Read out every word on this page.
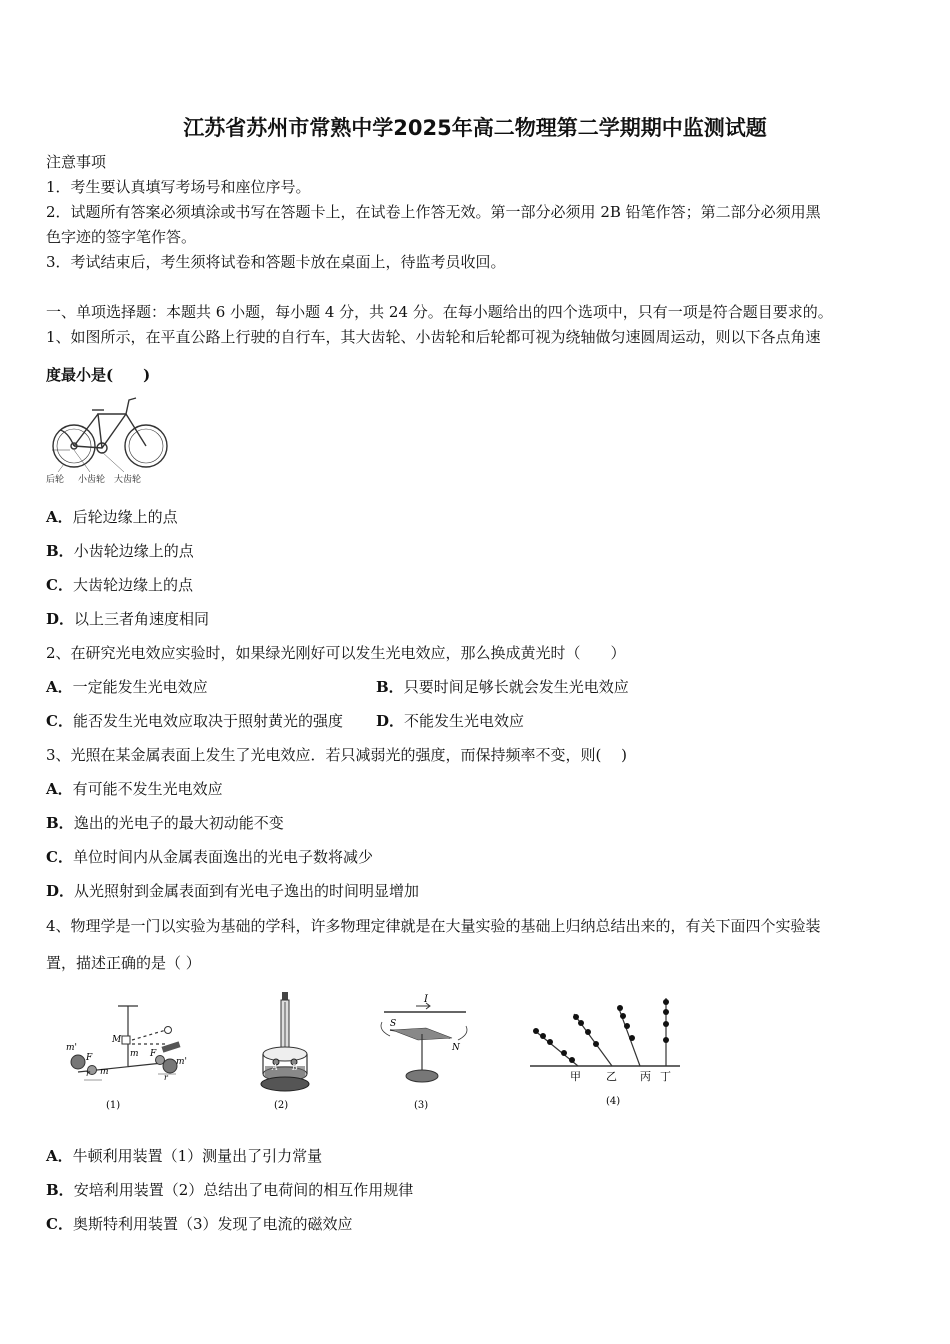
江苏省苏州市常熟中学2025年高二物理第二学期期中监测试题
注意事项
1．考生要认真填写考场号和座位序号。
2．试题所有答案必须填涂或书写在答题卡上，在试卷上作答无效。第一部分必须用 2B 铅笔作答；第二部分必须用黑
色字迹的签字笔作答。
3．考试结束后，考生须将试卷和答题卡放在桌面上，待监考员收回。
一、单项选择题：本题共 6 小题，每小题 4 分，共 24 分。在每小题给出的四个选项中，只有一项是符合题目要求的。
1、如图所示，在平直公路上行驶的自行车，其大齿轮、小齿轮和后轮都可视为绕轴做匀速圆周运动，则以下各点角速
度最小是(　　)
后轮 小齿轮 大齿轮
A．后轮边缘上的点
B．小齿轮边缘上的点
C．大齿轮边缘上的点
D．以上三者角速度相同
2、在研究光电效应实验时，如果绿光刚好可以发生光电效应，那么换成黄光时（　　）
A．一定能发生光电效应	B．只要时间足够长就会发生光电效应
C．能否发生光电效应取决于照射黄光的强度 D．不能发生光电效应
3、光照在某金属表面上发生了光电效应．若只减弱光的强度，而保持频率不变，则(　 )
A．有可能不发生光电效应
B．逸出的光电子的最大初动能不变
C．单位时间内从金属表面逸出的光电子数将减少
D．从光照射到金属表面到有光电子逸出的时间明显增加
4、物理学是一门以实验为基础的学科，许多物理定律就是在大量实验的基础上归纳总结出来的，有关下面四个实验装
置，描述正确的是（ ）
m'
M
m
m
m'
F	F
r	r
(1)
A B
(2)
I
S
N
(3)
甲 乙 丙 丁
(4)
A．牛顿利用装置（1）测量出了引力常量
B．安培利用装置（2）总结出了电荷间的相互作用规律
C．奥斯特利用装置（3）发现了电流的磁效应
